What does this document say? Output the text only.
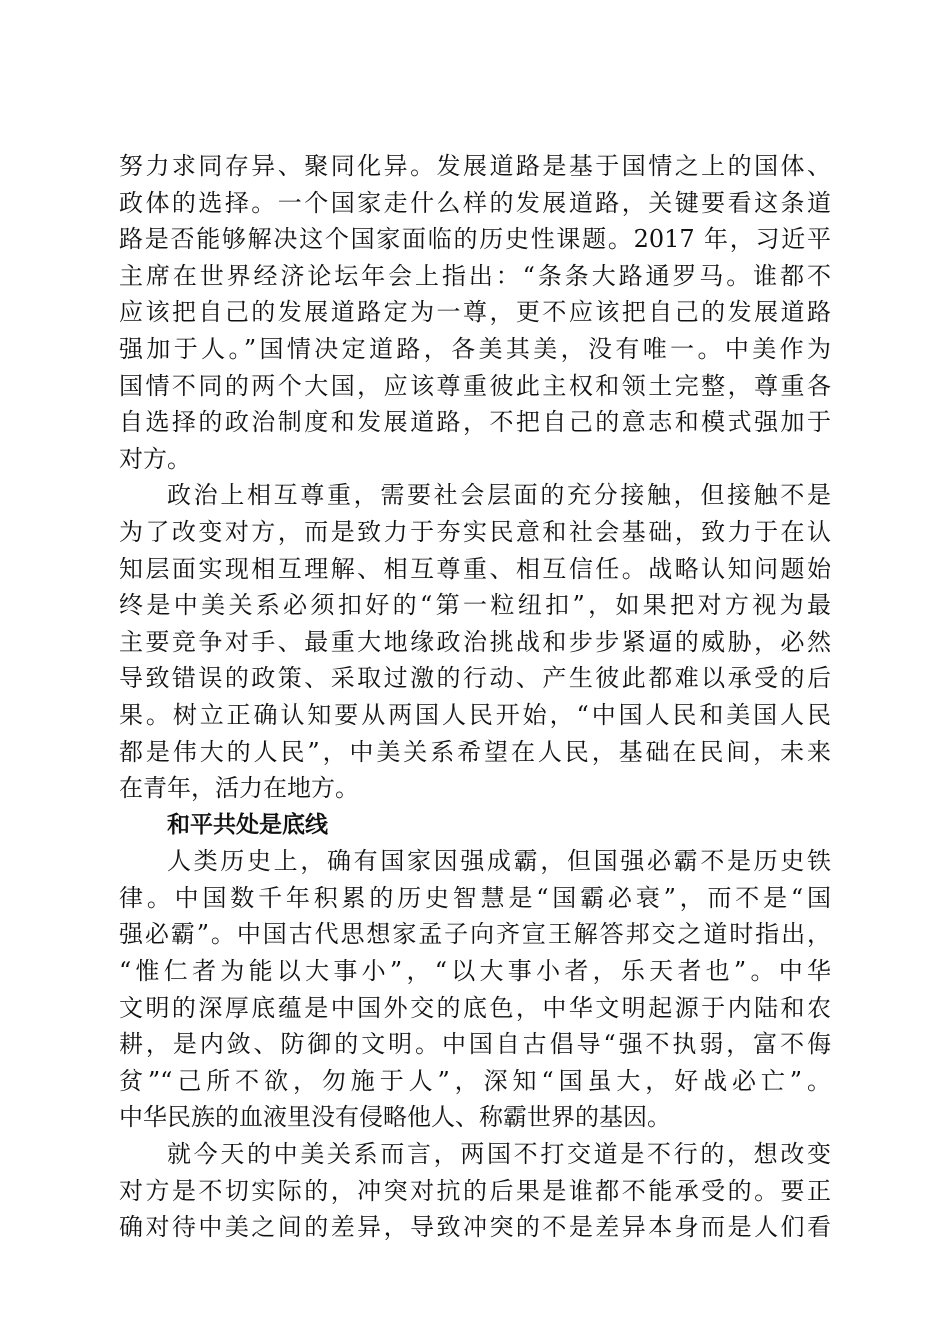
努力求同存异、聚同化异。发展道路是基于国情之上的国体、
政体的选择。一个国家走什么样的发展道路，关键要看这条道
路是否能够解决这个国家面临的历史性课题。2017 年，习近平
主席在世界经济论坛年会上指出：“条条大路通罗马。谁都不
应该把自己的发展道路定为一尊，更不应该把自己的发展道路
强加于人。”国情决定道路，各美其美，没有唯一。中美作为
国情不同的两个大国，应该尊重彼此主权和领土完整，尊重各
自选择的政治制度和发展道路，不把自己的意志和模式强加于
对方。
政治上相互尊重，需要社会层面的充分接触，但接触不是
为了改变对方，而是致力于夯实民意和社会基础，致力于在认
知层面实现相互理解、相互尊重、相互信任。战略认知问题始
终是中美关系必须扣好的“第一粒纽扣”，如果把对方视为最
主要竞争对手、最重大地缘政治挑战和步步紧逼的威胁，必然
导致错误的政策、采取过激的行动、产生彼此都难以承受的后
果。树立正确认知要从两国人民开始，“中国人民和美国人民
都是伟大的人民”，中美关系希望在人民，基础在民间，未来
在青年，活力在地方。
和平共处是底线
人类历史上，确有国家因强成霸，但国强必霸不是历史铁
律。中国数千年积累的历史智慧是“国霸必衰”，而不是“国
强必霸”。中国古代思想家孟子向齐宣王解答邦交之道时指出，
“惟仁者为能以大事小”，“以大事小者，乐天者也”。中华
文明的深厚底蕴是中国外交的底色，中华文明起源于内陆和农
耕，是内敛、防御的文明。中国自古倡导“强不执弱，富不侮
贫”“己所不欲，勿施于人”，深知“国虽大，好战必亡”。
中华民族的血液里没有侵略他人、称霸世界的基因。
就今天的中美关系而言，两国不打交道是不行的，想改变
对方是不切实际的，冲突对抗的后果是谁都不能承受的。要正
确对待中美之间的差异，导致冲突的不是差异本身而是人们看
